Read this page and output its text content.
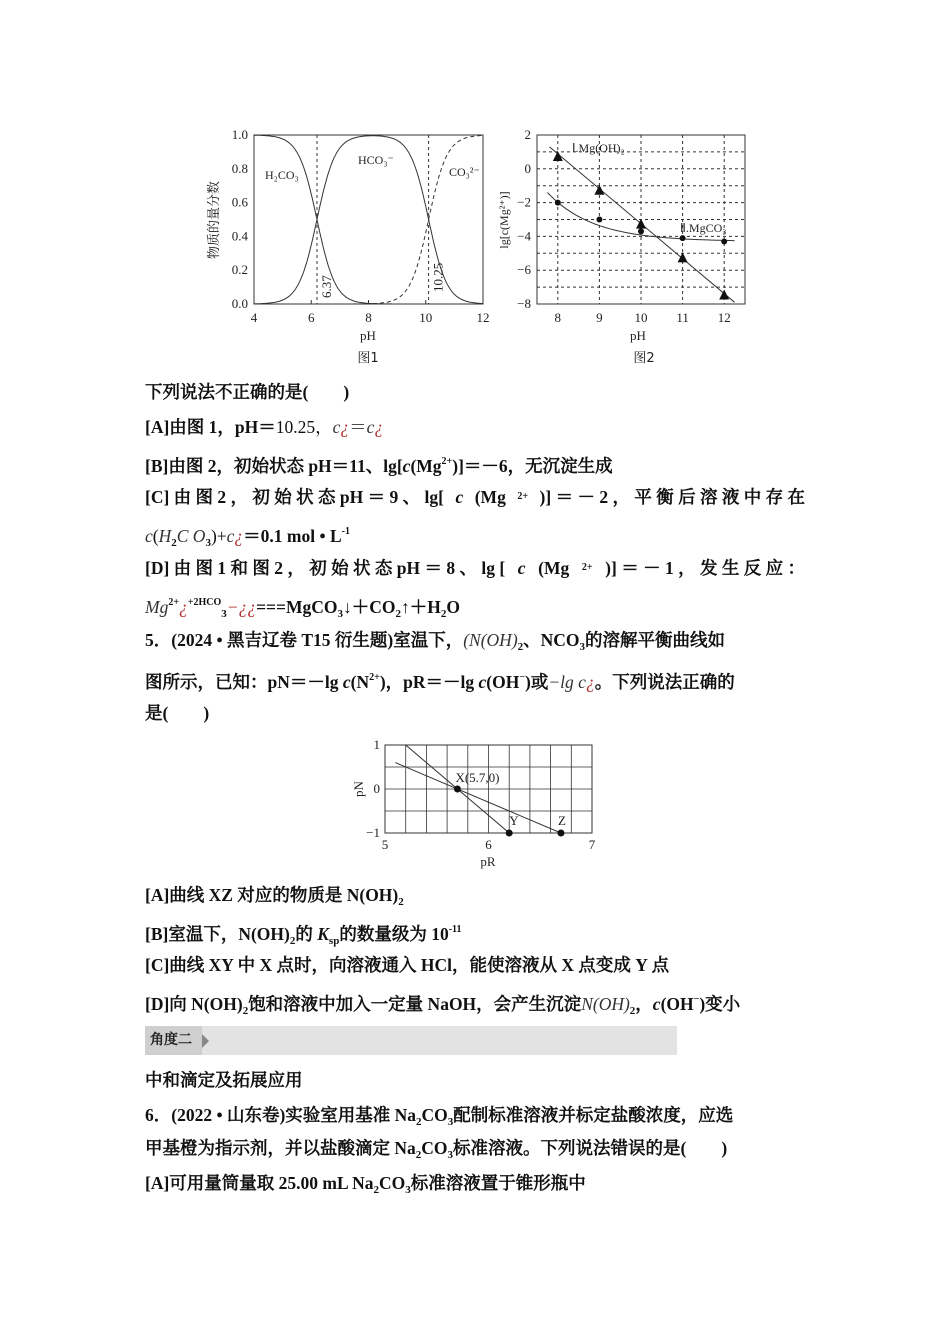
4	6	8	10	12
0.0
0.2
0.4
0.6
0.8
1.0
pH
物质的量分数
图1
6.37	10.25
H₂CO₃
HCO₃⁻
CO₃²⁻
8	9 10 11 12
2
0
−2
−4
−6
−8
pH
lg[c(Mg²⁺)]
图2
Ⅰ.Mg(OH)₂
Ⅱ.MgCO₃
5	6	7
1
0
−1
pR
pN
X(5.7,0)
Y	Z
下列说法不正确的是(　　)
[A]由图 1，pH＝10.25，c¿＝c¿
[B]由图 2，初始状态 pH＝11、$\lg[c(Mg^{2+})]=-6$，无沉淀生成
[C] 由 图 2 ， 初 始 状 态 pH ＝ 9 、 lg[ c (Mg 2+ )] ＝ － 2 ， 平 衡 后 溶 液 中 存 在
$c(H_2C$ $O_3)+c¿=0.1$ mol • $L^{-1}$
[D] 由 图 1 和 图 2 ， 初 始 状 态 pH ＝ 8 、 lg [ c (Mg 2+ )] ＝ － 1 ， 发 生 反 应 ：
$Mg^{2+}¿^{+2HCO}_3-¿¿===MgCO_3↓+CO_2↑+H_2O$
5．(2024 • 黑吉辽卷 T15 衍生题)室温下，($N(OH)_2$、$NCO_3$的溶解平衡曲线如
图所示，已知：pN＝－lg $c(N^{2+})$，pR＝－lg c(OH−)或−lg c¿。下列说法正确的
是(　　)
[A]曲线 XZ 对应的物质是 $N(OH)_2$
[B]室温下，$N(OH)_2$的 $K_{sp}$的数量级为 $10^{-11}$
[C]曲线 XY 中 X 点时，向溶液通入 HCl，能使溶液从 X 点变成 Y 点
[D]向 $N(OH)_2$饱和溶液中加入一定量 NaOH，会产生沉淀$N(OH)_2$，c(OH−)变小
中和滴定及拓展应用
6．(2022 • 山东卷)实验室用基准 $Na_2CO_3$配制标准溶液并标定盐酸浓度，应选
甲基橙为指示剂，并以盐酸滴定 $Na_2CO_3$标准溶液。下列说法错误的是(　　)
[A]可用量筒量取 25.00 mL $Na_2CO_3$标准溶液置于锥形瓶中
角度二
